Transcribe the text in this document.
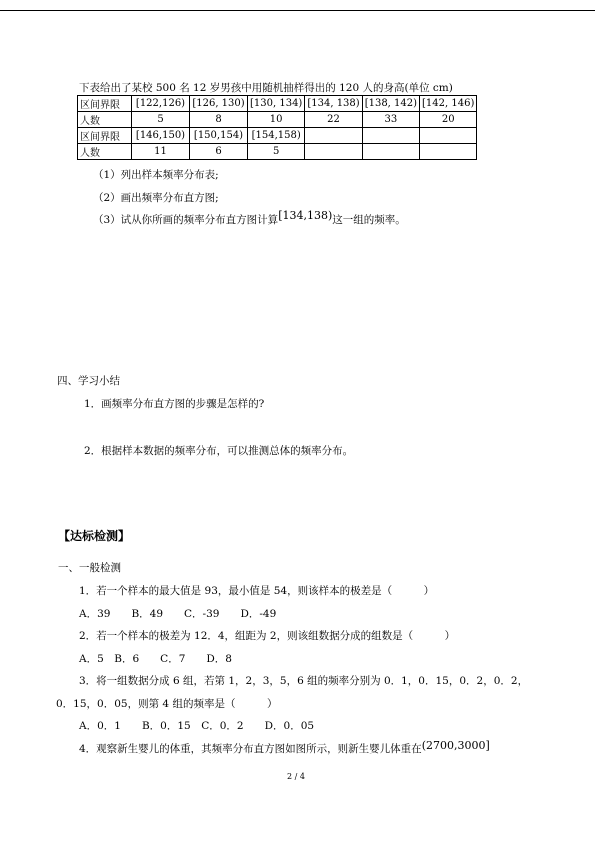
下表给出了某校 500 名 12 岁男孩中用随机抽样得出的 120 人的身高(单位 cm)
区间界限	[122,126)	[126, 130)	[130, 134)	[134, 138)	[138, 142)	[142, 146)
人数	5	8	10	22	33	20
区间界限	[146,150)	[150,154)	[154,158)			
人数	11	6	5			
（1）列出样本频率分布表;
（2）画出频率分布直方图;
（3）试从你所画的频率分布直方图计算[134,138)这一组的频率。
四、学习小结
1．画频率分布直方图的步骤是怎样的?
2．根据样本数据的频率分布，可以推测总体的频率分布。
【达标检测】
一、一般检测
1．若一个样本的最大值是 93，最小值是 54，则该样本的极差是（　　　）
A．39　　B．49　　C．-39　　D．-49
2．若一个样本的极差为 12．4，组距为 2，则该组数据分成的组数是（　　　）
A．5　B．6　　C．7　　D．8
3．将一组数据分成 6 组，若第 1，2，3，5，6 组的频率分别为 0．1，0．15，0．2，0．2，
0．15，0．05，则第 4 组的频率是（　　　）
A．0．1　　B．0．15　C．0．2　　D．0．05
4．观察新生婴儿的体重，其频率分布直方图如图所示，则新生婴儿体重在(2700,3000]
2 / 4
